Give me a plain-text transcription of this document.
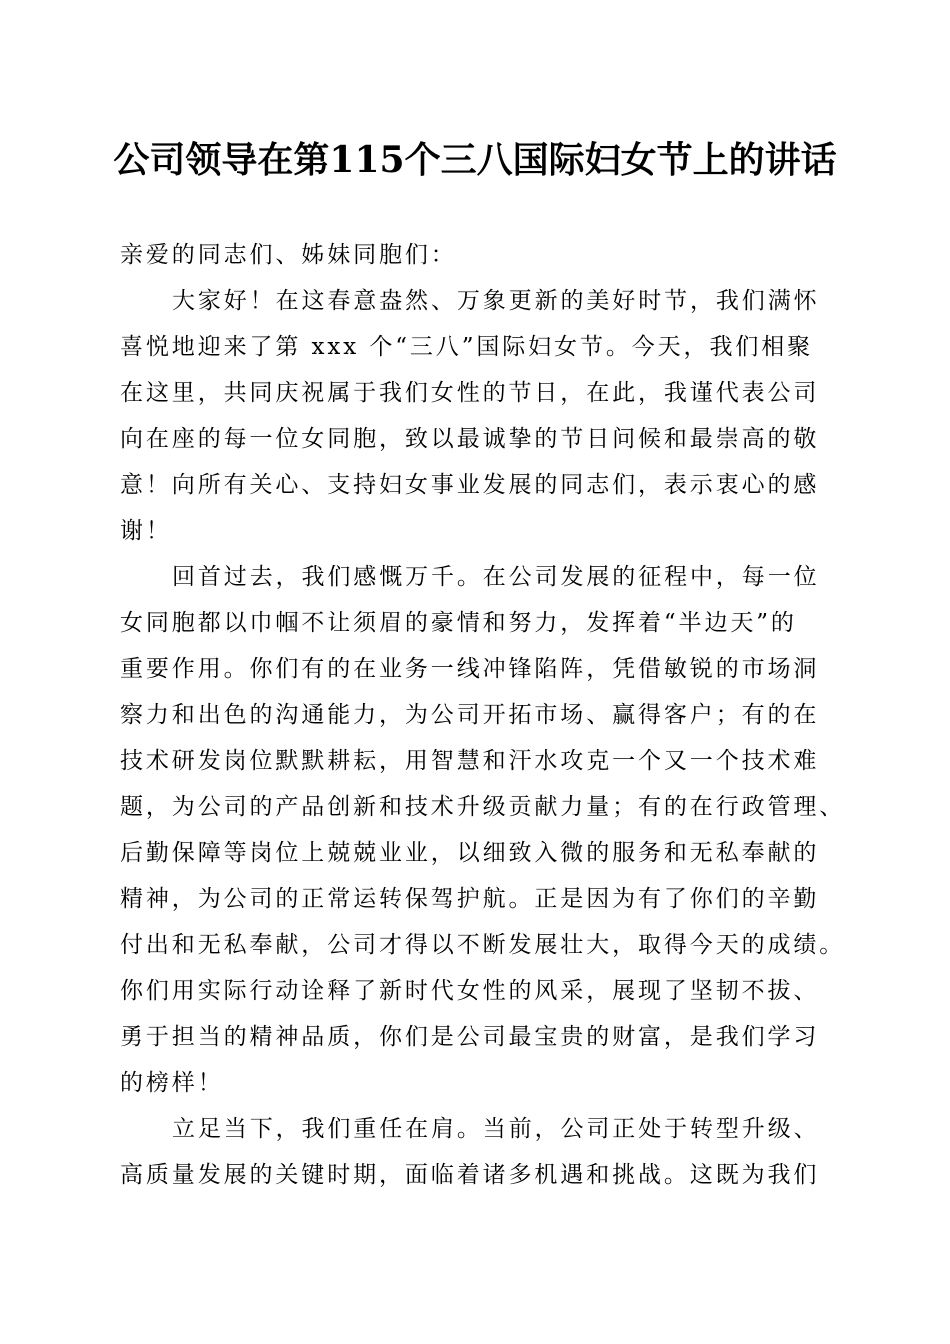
公司领导在第115个三八国际妇女节上的讲话
亲爱的同志们、姊妹同胞们：
大家好！在这春意盎然、万象更新的美好时节，我们满怀
喜悦地迎来了第 xxx 个“三八”国际妇女节。今天，我们相聚
在这里，共同庆祝属于我们女性的节日，在此，我谨代表公司
向在座的每一位女同胞，致以最诚挚的节日问候和最崇高的敬
意！向所有关心、支持妇女事业发展的同志们，表示衷心的感
谢！
回首过去，我们感慨万千。在公司发展的征程中，每一位
女同胞都以巾帼不让须眉的豪情和努力，发挥着“半边天”的
重要作用。你们有的在业务一线冲锋陷阵，凭借敏锐的市场洞
察力和出色的沟通能力，为公司开拓市场、赢得客户；有的在
技术研发岗位默默耕耘，用智慧和汗水攻克一个又一个技术难
题，为公司的产品创新和技术升级贡献力量；有的在行政管理、
后勤保障等岗位上兢兢业业，以细致入微的服务和无私奉献的
精神，为公司的正常运转保驾护航。正是因为有了你们的辛勤
付出和无私奉献，公司才得以不断发展壮大，取得今天的成绩。
你们用实际行动诠释了新时代女性的风采，展现了坚韧不拔、
勇于担当的精神品质，你们是公司最宝贵的财富，是我们学习
的榜样！
立足当下，我们重任在肩。当前，公司正处于转型升级、
高质量发展的关键时期，面临着诸多机遇和挑战。这既为我们
